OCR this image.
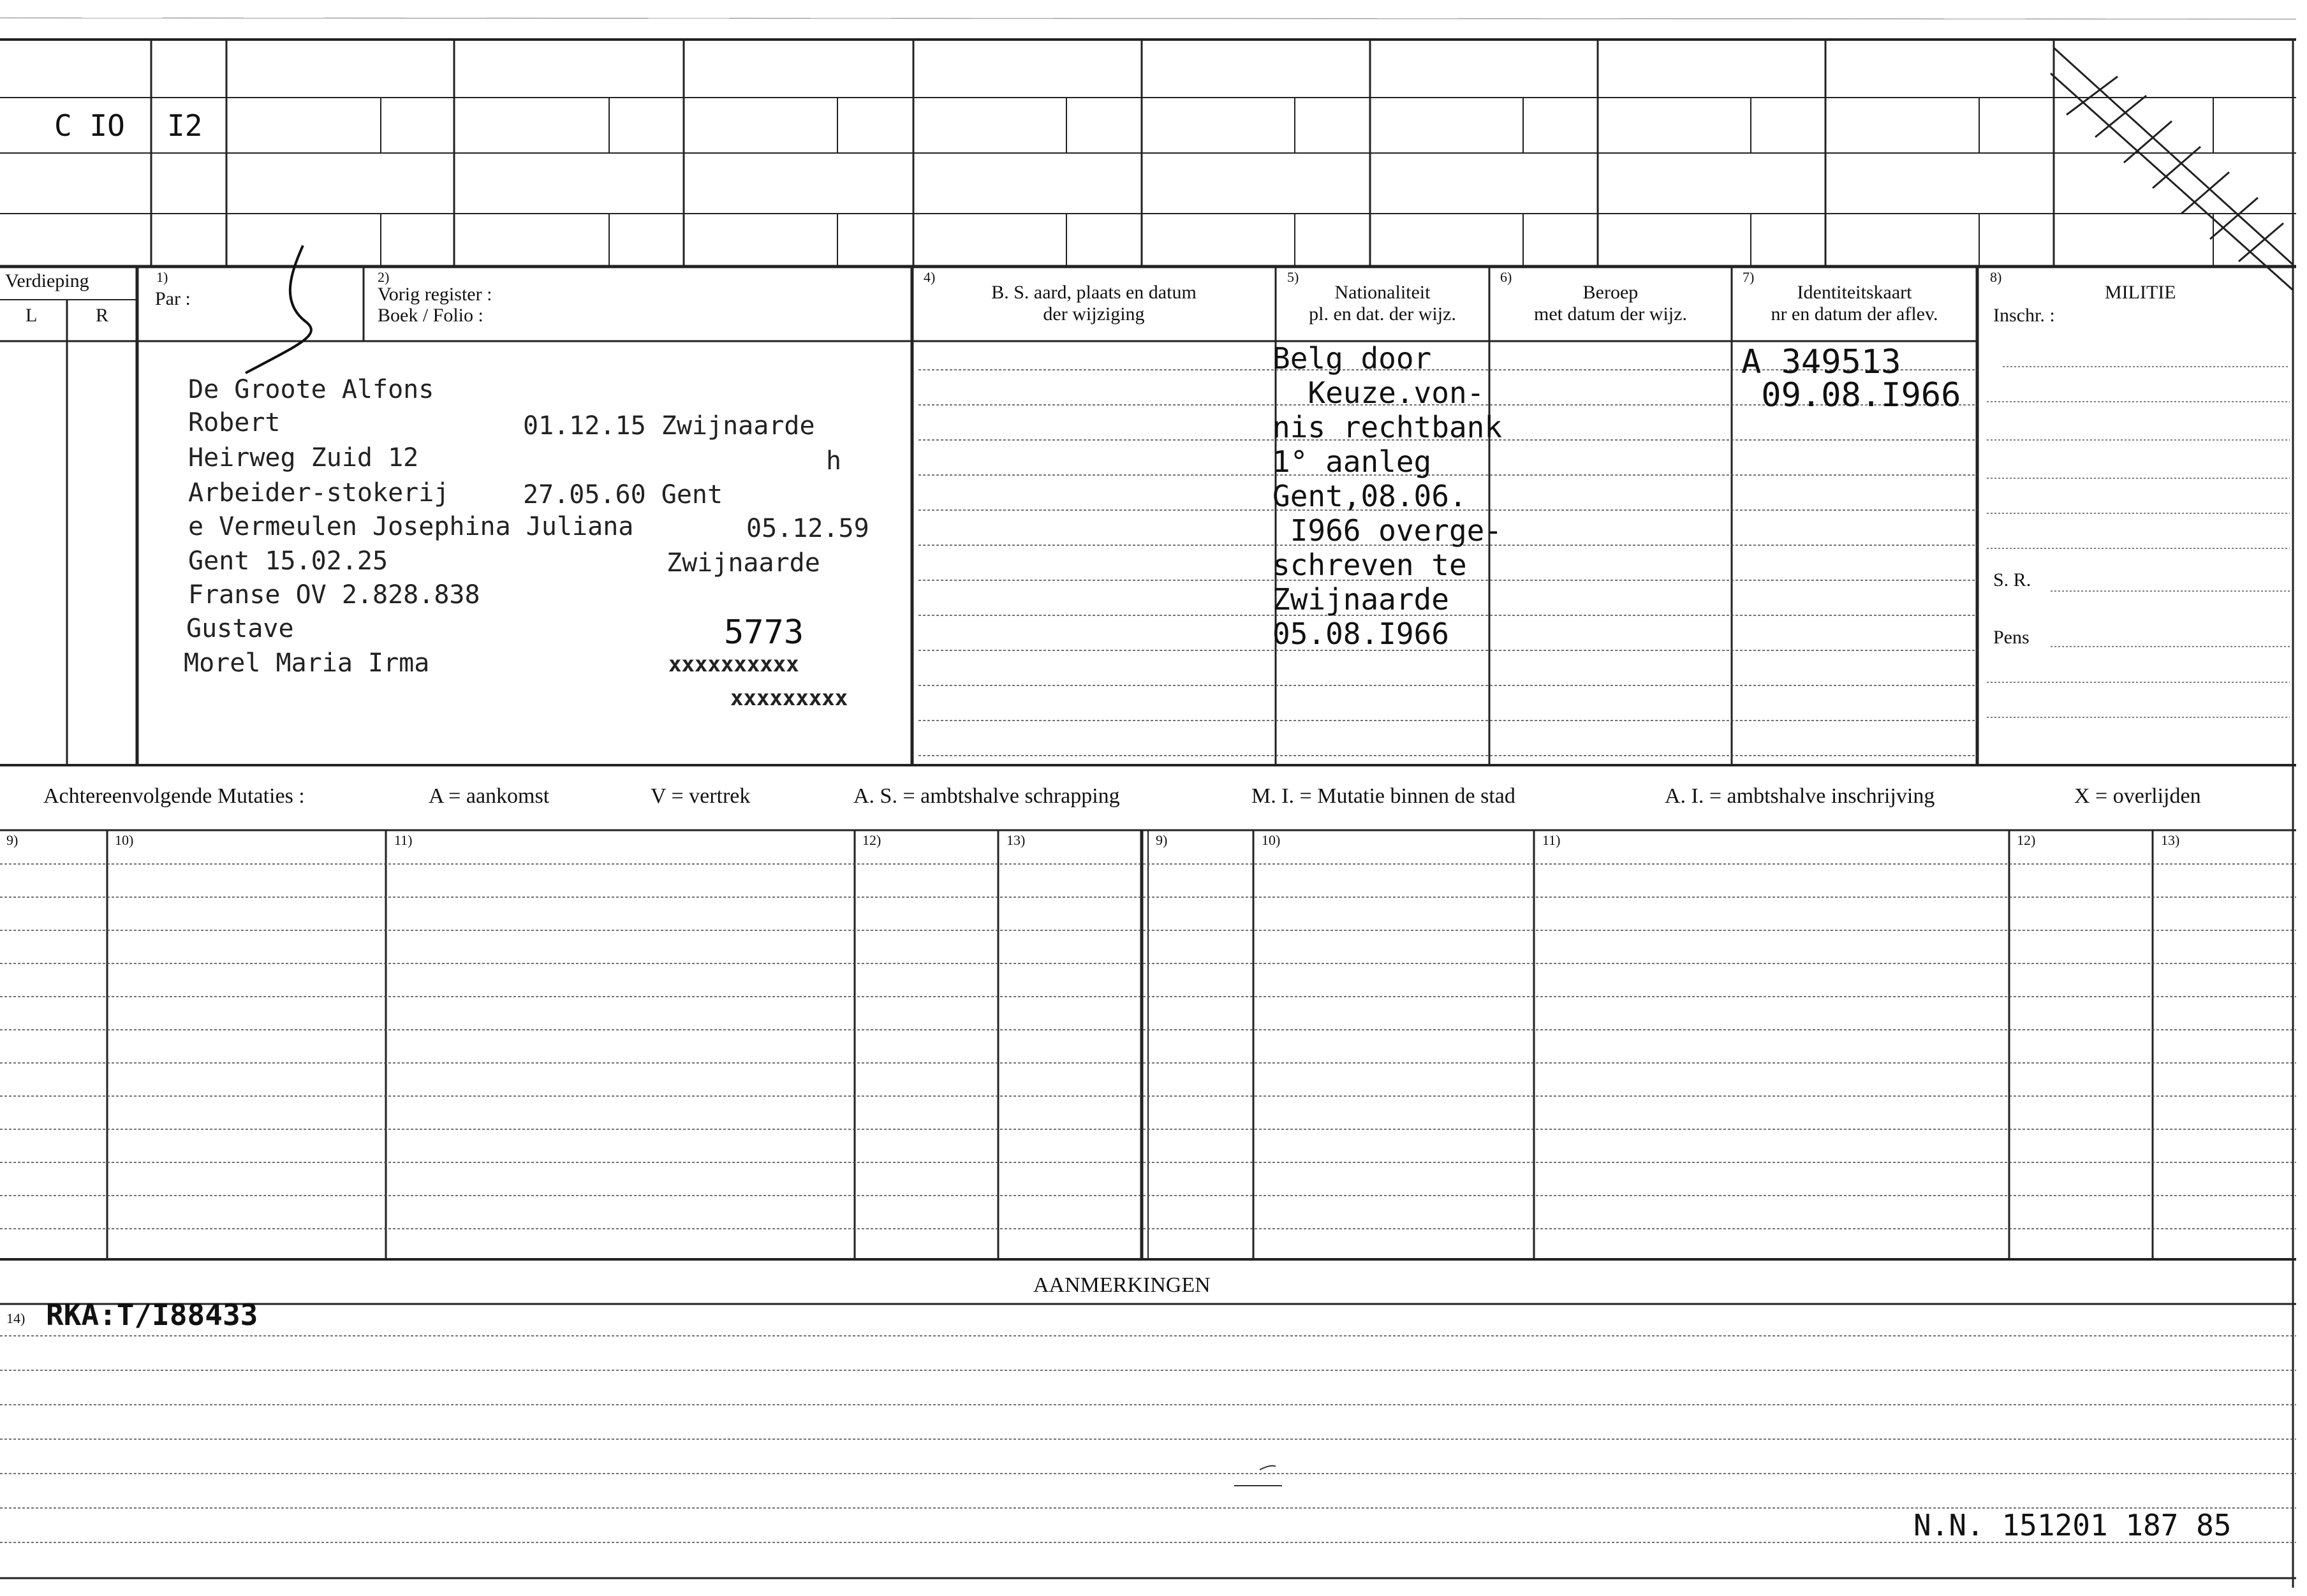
C IO I2
Verdieping
L	R
1)
Par :
2)
Vorig register :
Boek / Folio :
4)
B. S. aard, plaats en datum
der wijziging
5)
Nationaliteit
pl. en dat. der wijz.
6)
Beroep
met datum der wijz.
7)
Identiteitskaart
nr en datum der aflev.
8)
MILITIE
Inschr. :
S. R.
Pens
De Groote Alfons
Robert	01.12.15 Zwijnaarde
Heirweg Zuid 12	h
Arbeider-stokerij	27.05.60 Gent
e Vermeulen Josephina Juliana	05.12.59
Gent 15.02.25	Zwijnaarde
Franse OV 2.828.838
Gustave	5773
Morel Maria Irma	xxxxxxxxxx
xxxxxxxxx
Belg door
Keuze.von-
nis rechtbank
1° aanleg
Gent,08.06.
I966 overge-
schreven te
Zwijnaarde
05.08.I966
A 349513
09.08.I966
Achtereenvolgende Mutaties :	A = aankomst	V = vertrek	A. S. = ambtshalve schrapping	M. I. = Mutatie binnen de stad	A. I. = ambtshalve inschrijving	X = overlijden
9)	10)	11)	12)	13)	9)	10)	11)	12)	13)
AANMERKINGEN
14) RKA:T/I88433
N.N. 151201 187 85
